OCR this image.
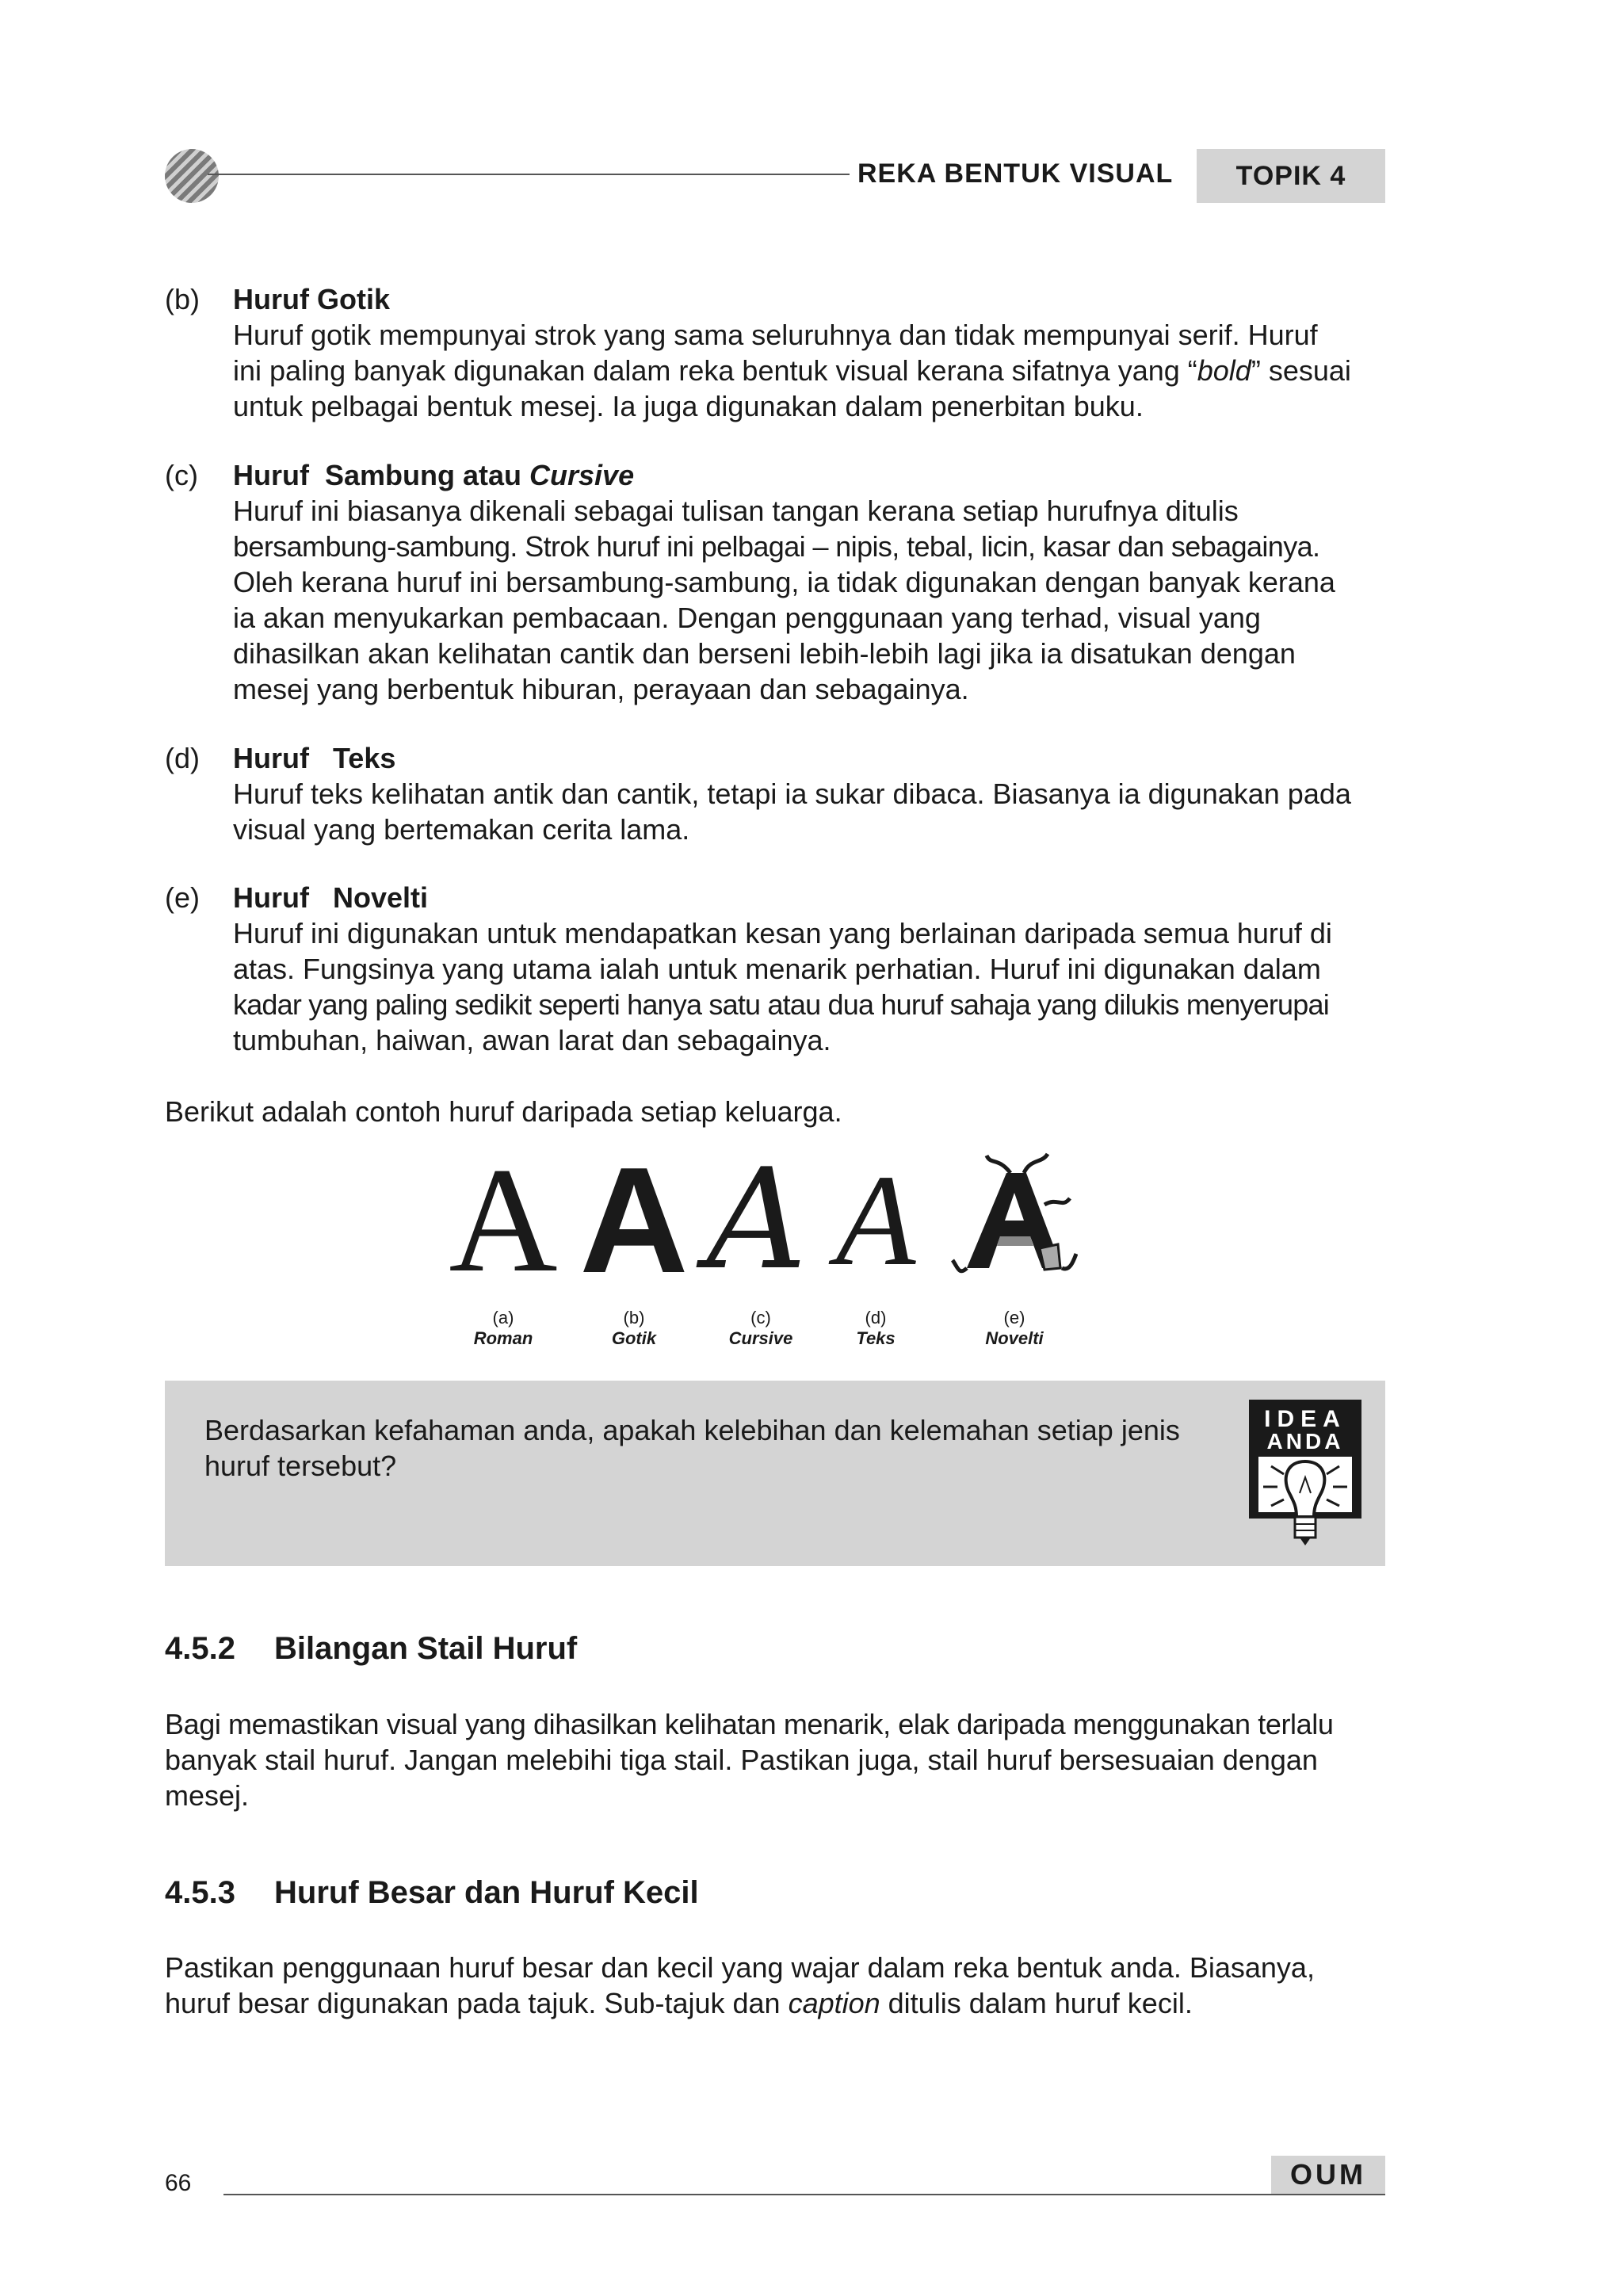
REKA BENTUK VISUAL	TOPIK 4
(b) Huruf Gotik

Huruf gotik mempunyai strok yang sama seluruhnya dan tidak mempunyai serif. Huruf

ini paling banyak digunakan dalam reka bentuk visual kerana sifatnya yang “bold” sesuai

untuk pelbagai bentuk mesej. Ia juga digunakan dalam penerbitan buku.

(c) Huruf  Sambung atau Cursive

Huruf ini biasanya dikenali sebagai tulisan tangan kerana setiap hurufnya ditulis

bersambung-sambung. Strok huruf ini pelbagai – nipis, tebal, licin, kasar dan sebagainya.

Oleh kerana huruf ini bersambung-sambung, ia tidak digunakan dengan banyak kerana

ia akan menyukarkan pembacaan. Dengan penggunaan yang terhad, visual yang

dihasilkan akan kelihatan cantik dan berseni lebih-lebih lagi jika ia disatukan dengan

mesej yang berbentuk hiburan, perayaan dan sebagainya.

(d) Huruf   Teks

Huruf teks kelihatan antik dan cantik, tetapi ia sukar dibaca. Biasanya ia digunakan pada

visual yang bertemakan cerita lama.

(e) Huruf   Novelti

Huruf ini digunakan untuk mendapatkan kesan yang berlainan daripada semua huruf di

atas. Fungsinya yang utama ialah untuk menarik perhatian. Huruf ini digunakan dalam

kadar yang paling sedikit seperti hanya satu atau dua huruf sahaja yang dilukis menyerupai

tumbuhan, haiwan, awan larat dan sebagainya.

Berikut adalah contoh huruf daripada setiap keluarga.
A A A A
(a)
Roman
(b)
Gotik
(c)
Cursive
(d)
Teks
(e)
Novelti
Berdasarkan kefahaman anda, apakah kelebihan dan kelemahan setiap jenis
huruf tersebut?
IDEA
ANDA
4.5.2 Bilangan Stail Huruf

Bagi memastikan visual yang dihasilkan kelihatan menarik, elak daripada menggunakan terlalu

banyak stail huruf. Jangan melebihi tiga stail. Pastikan juga, stail huruf bersesuaian dengan

mesej.

4.5.3 Huruf Besar dan Huruf Kecil

Pastikan penggunaan huruf besar dan kecil yang wajar dalam reka bentuk anda. Biasanya,

huruf besar digunakan pada tajuk. Sub-tajuk dan caption ditulis dalam huruf kecil.

66	OUM
